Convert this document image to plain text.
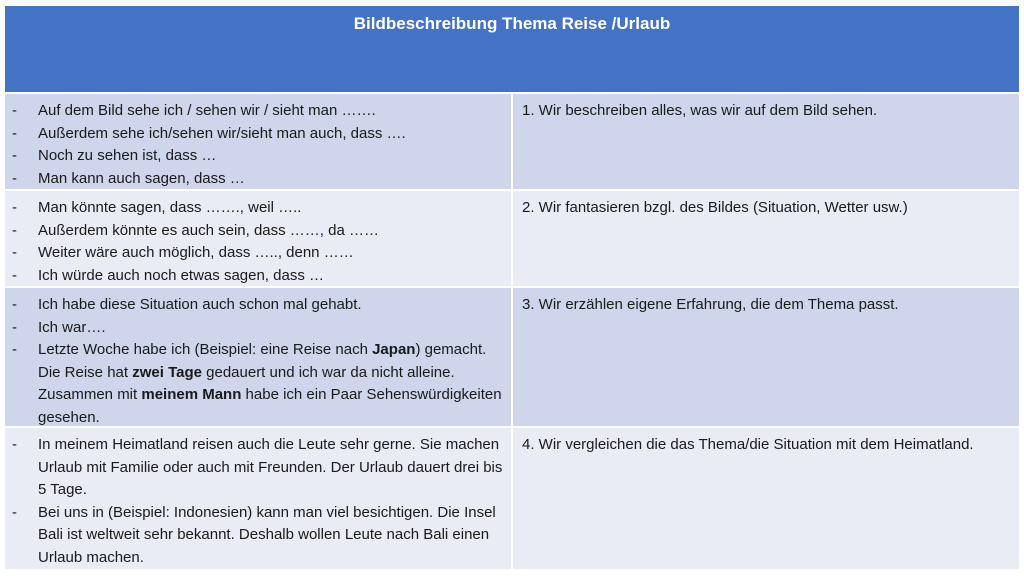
Bildbeschreibung Thema Reise /Urlaub
- Auf dem Bild sehe ich / sehen wir / sieht man …….
- Außerdem sehe ich/sehen wir/sieht man auch, dass ….
- Noch zu sehen ist, dass …
- Man kann auch sagen, dass …
1. Wir beschreiben alles, was wir auf dem Bild sehen.
- Man könnte sagen, dass ……., weil …..
- Außerdem könnte es auch sein, dass ……, da ……
- Weiter wäre auch möglich, dass ….., denn ……
- Ich würde auch noch etwas sagen, dass …
2. Wir fantasieren bzgl. des Bildes (Situation, Wetter usw.)
- Ich habe diese Situation auch schon mal gehabt.
- Ich war….
- Letzte Woche habe ich (Beispiel: eine Reise nach Japan) gemacht. Die Reise hat zwei Tage gedauert und ich war da nicht alleine. Zusammen mit meinem Mann habe ich ein Paar Sehenswürdigkeiten gesehen.
3. Wir erzählen eigene Erfahrung, die dem Thema passt.
- In meinem Heimatland reisen auch die Leute sehr gerne. Sie machen Urlaub mit Familie oder auch mit Freunden. Der Urlaub dauert drei bis 5 Tage.
- Bei uns in (Beispiel: Indonesien) kann man viel besichtigen. Die Insel Bali ist weltweit sehr bekannt. Deshalb wollen Leute nach Bali einen Urlaub machen.
4. Wir vergleichen die das Thema/die Situation mit dem Heimatland.
